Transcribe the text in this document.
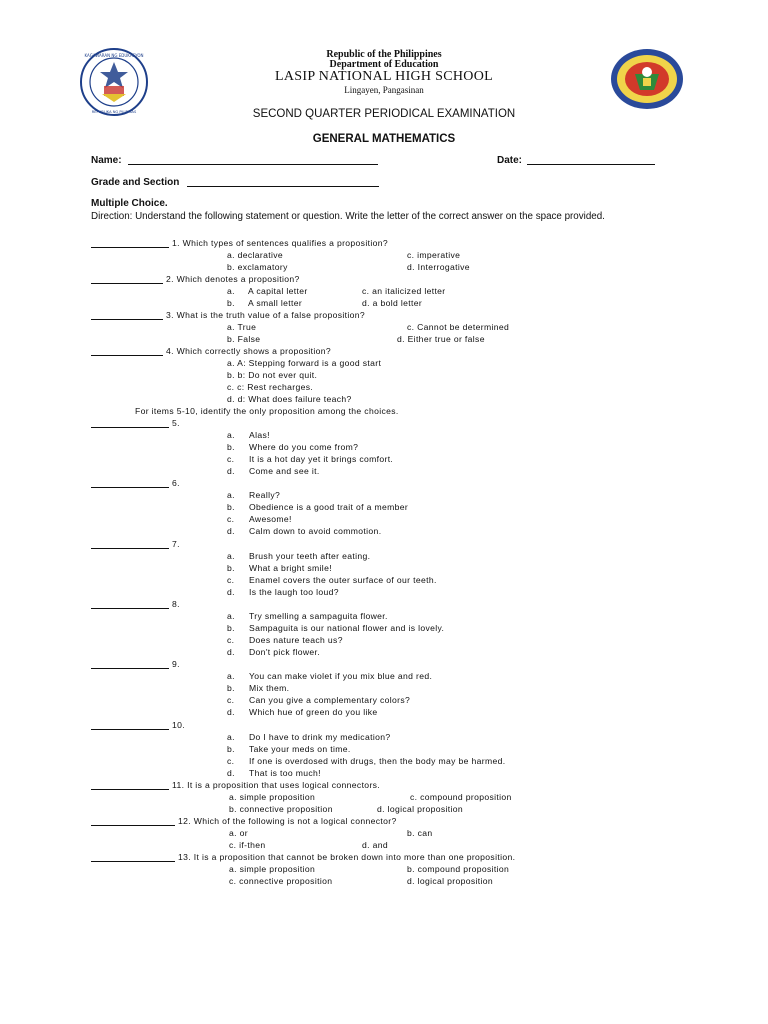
KAGAWARAN NG EDUKASYON
REPUBLIKA NG PILIPINAS
Republic of the Philippines
Department of Education
LASIP NATIONAL HIGH SCHOOL
Lingayen, Pangasinan
SECOND QUARTER PERIODICAL EXAMINATION
GENERAL MATHEMATICS
Name:	Date:
Grade and Section
Multiple Choice.
Direction: Understand the following statement or question. Write the letter of the correct answer on the space provided.
1. Which types of sentences qualifies a proposition?
a. declarative	c. imperative
b. exclamatory	d. Interrogative
2. Which denotes a proposition?
a. A capital letter	c. an italicized letter
b. A small letter	d. a bold letter
3. What is the truth value of a false proposition?
a. True	c. Cannot be determined
b. False	d. Either true or false
4. Which correctly shows a proposition?
a. A: Stepping forward is a good start
b. b: Do not ever quit.
c. c: Rest recharges.
d. d: What does failure teach?
For items 5-10, identify the only proposition among the choices.
5.
a. Alas!
b. Where do you come from?
c. It is a hot day yet it brings comfort.
d. Come and see it.
6.
a. Really?
b. Obedience is a good trait of a member
c. Awesome!
d. Calm down to avoid commotion.
7.
a. Brush your teeth after eating.
b. What a bright smile!
c. Enamel covers the outer surface of our teeth.
d. Is the laugh too loud?
8.
a. Try smelling a sampaguita flower.
b. Sampaguita is our national flower and is lovely.
c. Does nature teach us?
d. Don't pick flower.
9.
a. You can make violet if you mix blue and red.
b. Mix them.
c. Can you give a complementary colors?
d. Which hue of green do you like
10.
a. Do I have to drink my medication?
b. Take your meds on time.
c. If one is overdosed with drugs, then the body may be harmed.
d. That is too much!
11. It is a proposition that uses logical connectors.
a. simple proposition	c. compound proposition
b. connective proposition	d. logical proposition
12. Which of the following is not a logical connector?
a. or	b. can
c. if-then	d. and
13. It is a proposition that cannot be broken down into more than one proposition.
a. simple proposition	b. compound proposition
c. connective proposition	d. logical proposition
